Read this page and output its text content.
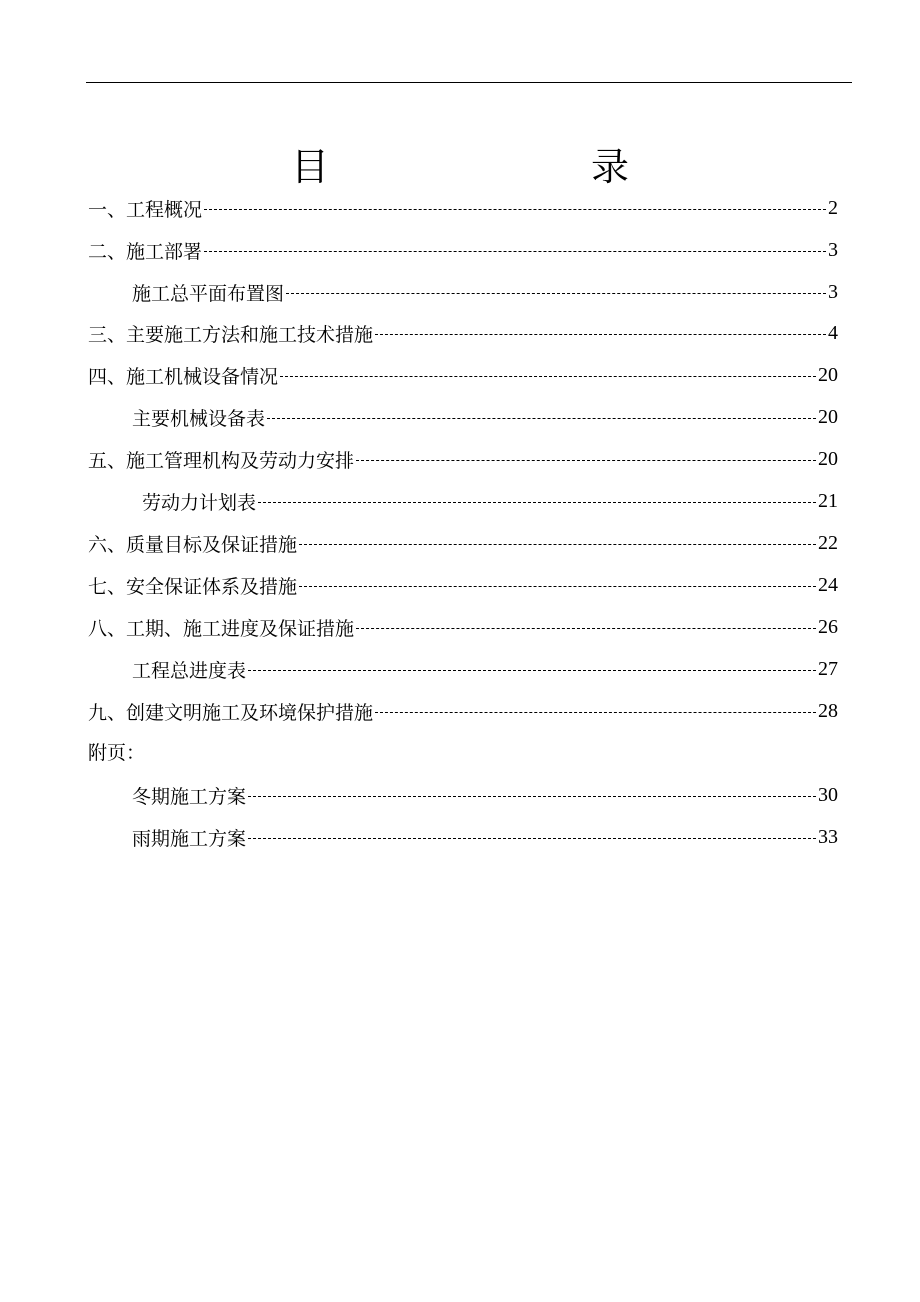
目　　录
一、工程概况	2
二、施工部署	3
施工总平面布置图	3
三、主要施工方法和施工技术措施	4
四、施工机械设备情况	20
主要机械设备表	20
五、施工管理机构及劳动力安排	20
劳动力计划表	21
六、质量目标及保证措施	22
七、安全保证体系及措施	24
八、工期、施工进度及保证措施	26
工程总进度表	27
九、创建文明施工及环境保护措施	28
附页：
冬期施工方案	30
雨期施工方案	33
